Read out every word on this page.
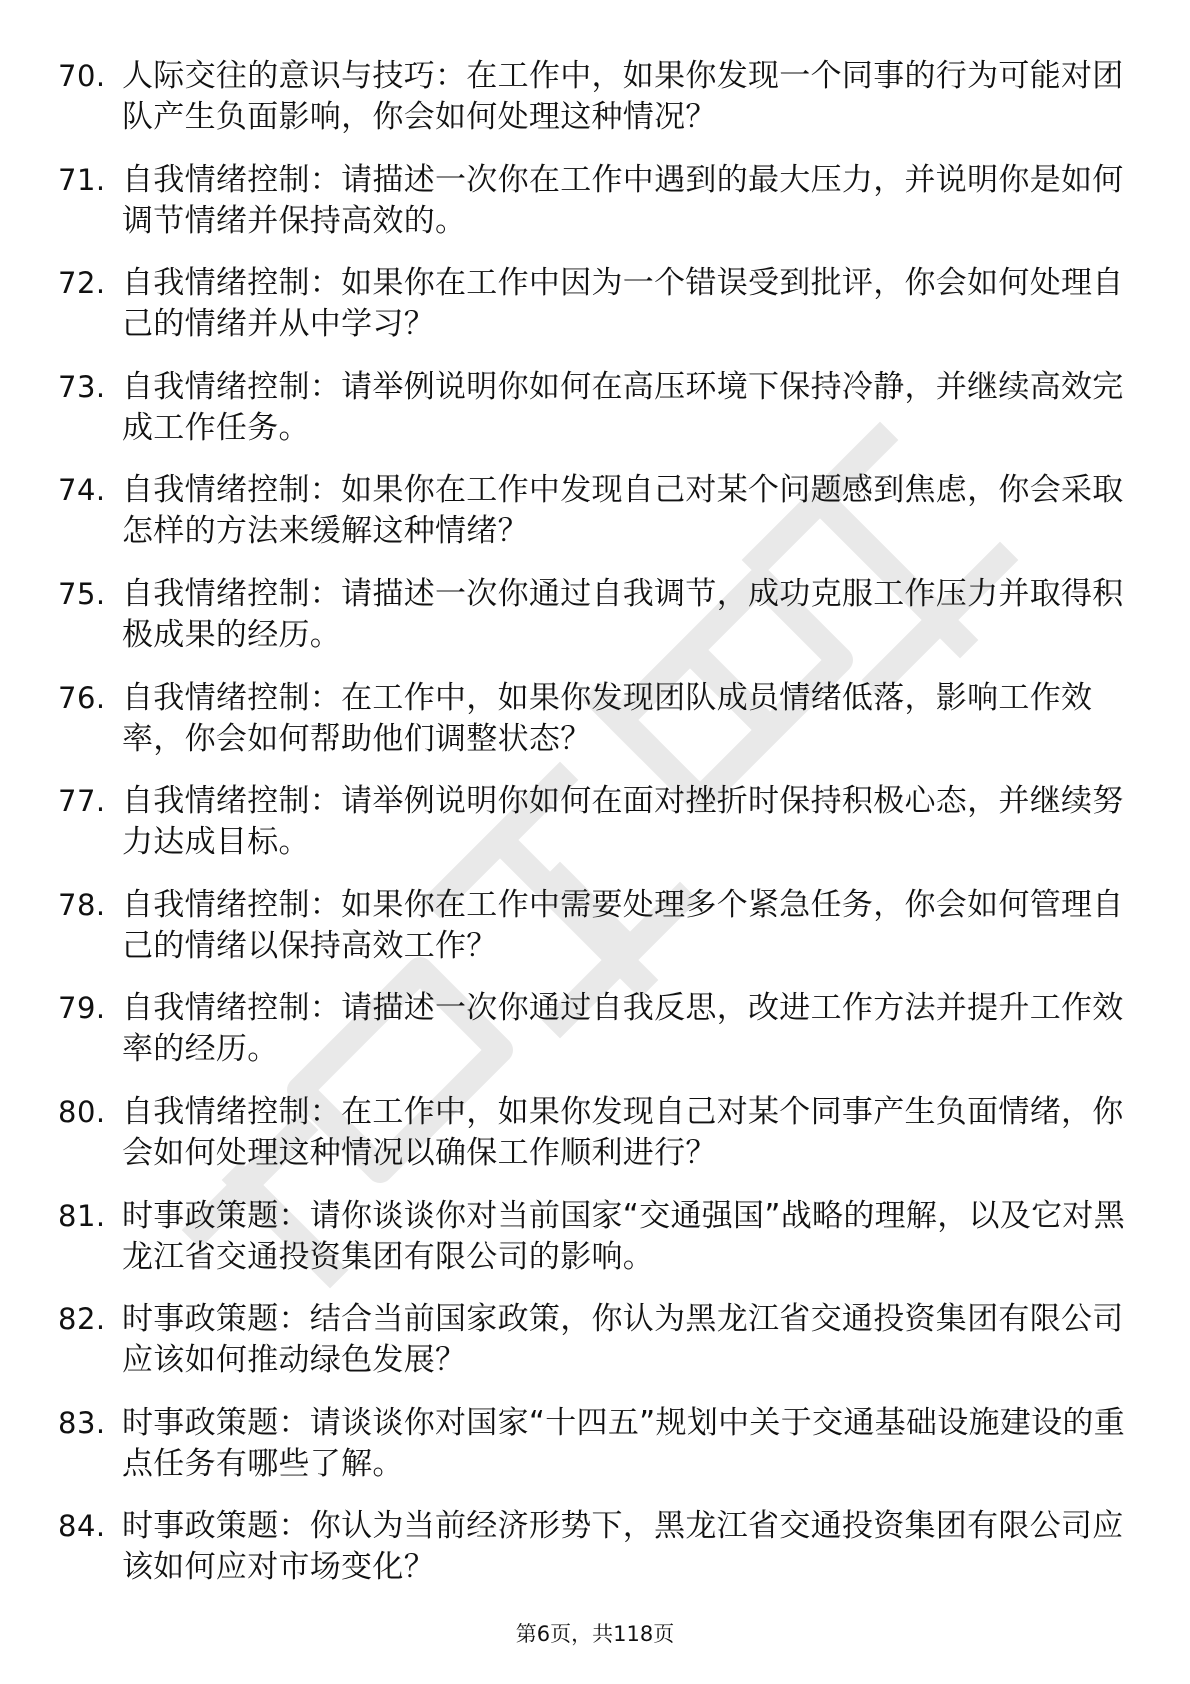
70. 人际交往的意识与技巧：在工作中，如果你发现一个同事的行为可能对团队产生负面影响，你会如何处理这种情况？
71. 自我情绪控制：请描述一次你在工作中遇到的最大压力，并说明你是如何调节情绪并保持高效的。
72. 自我情绪控制：如果你在工作中因为一个错误受到批评，你会如何处理自己的情绪并从中学习？
73. 自我情绪控制：请举例说明你如何在高压环境下保持冷静，并继续高效完成工作任务。
74. 自我情绪控制：如果你在工作中发现自己对某个问题感到焦虑，你会采取怎样的方法来缓解这种情绪？
75. 自我情绪控制：请描述一次你通过自我调节，成功克服工作压力并取得积极成果的经历。
76. 自我情绪控制：在工作中，如果你发现团队成员情绪低落，影响工作效率，你会如何帮助他们调整状态？
77. 自我情绪控制：请举例说明你如何在面对挫折时保持积极心态，并继续努力达成目标。
78. 自我情绪控制：如果你在工作中需要处理多个紧急任务，你会如何管理自己的情绪以保持高效工作？
79. 自我情绪控制：请描述一次你通过自我反思，改进工作方法并提升工作效率的经历。
80. 自我情绪控制：在工作中，如果你发现自己对某个同事产生负面情绪，你会如何处理这种情况以确保工作顺利进行？
81. 时事政策题：请你谈谈你对当前国家“交通强国”战略的理解，以及它对黑龙江省交通投资集团有限公司的影响。
82. 时事政策题：结合当前国家政策，你认为黑龙江省交通投资集团有限公司应该如何推动绿色发展？
83. 时事政策题：请谈谈你对国家“十四五”规划中关于交通基础设施建设的重点任务有哪些了解。
84. 时事政策题：你认为当前经济形势下，黑龙江省交通投资集团有限公司应该如何应对市场变化？
第6页，共118页
